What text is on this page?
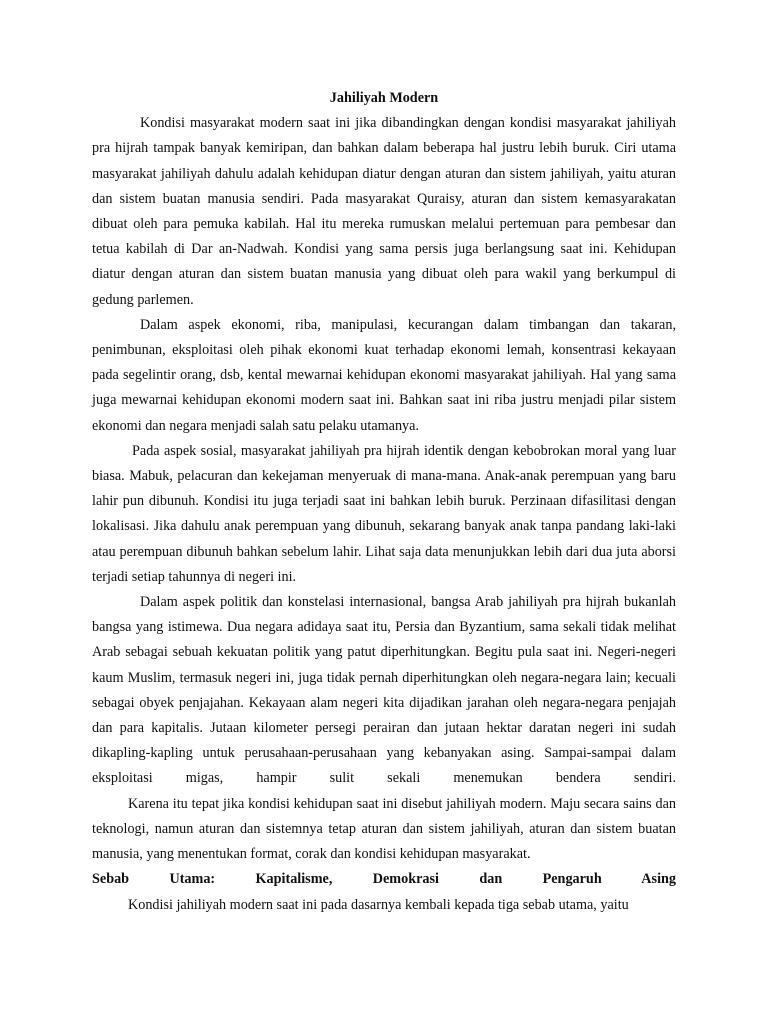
Jahiliyah Modern

Kondisi masyarakat modern saat ini jika dibandingkan dengan kondisi masyarakat jahiliyah pra hijrah tampak banyak kemiripan, dan bahkan dalam beberapa hal justru lebih buruk. Ciri utama masyarakat jahiliyah dahulu adalah kehidupan diatur dengan aturan dan sistem jahiliyah, yaitu aturan dan sistem buatan manusia sendiri. Pada masyarakat Quraisy, aturan dan sistem kemasyarakatan dibuat oleh para pemuka kabilah. Hal itu mereka rumuskan melalui pertemuan para pembesar dan tetua kabilah di Dar an-Nadwah. Kondisi yang sama persis juga berlangsung saat ini. Kehidupan diatur dengan aturan dan sistem buatan manusia yang dibuat oleh para wakil yang berkumpul di gedung parlemen.

Dalam aspek ekonomi, riba, manipulasi, kecurangan dalam timbangan dan takaran, penimbunan, eksploitasi oleh pihak ekonomi kuat terhadap ekonomi lemah, konsentrasi kekayaan pada segelintir orang, dsb, kental mewarnai kehidupan ekonomi masyarakat jahiliyah. Hal yang sama juga mewarnai kehidupan ekonomi modern saat ini. Bahkan saat ini riba justru menjadi pilar sistem ekonomi dan negara menjadi salah satu pelaku utamanya.

Pada aspek sosial, masyarakat jahiliyah pra hijrah identik dengan kebobrokan moral yang luar biasa. Mabuk, pelacuran dan kekejaman menyeruak di mana-mana. Anak-anak perempuan yang baru lahir pun dibunuh. Kondisi itu juga terjadi saat ini bahkan lebih buruk. Perzinaan difasilitasi dengan lokalisasi. Jika dahulu anak perempuan yang dibunuh, sekarang banyak anak tanpa pandang laki-laki atau perempuan dibunuh bahkan sebelum lahir. Lihat saja data menunjukkan lebih dari dua juta aborsi terjadi setiap tahunnya di negeri ini.

Dalam aspek politik dan konstelasi internasional, bangsa Arab jahiliyah pra hijrah bukanlah bangsa yang istimewa. Dua negara adidaya saat itu, Persia dan Byzantium, sama sekali tidak melihat Arab sebagai sebuah kekuatan politik yang patut diperhitungkan. Begitu pula saat ini. Negeri-negeri kaum Muslim, termasuk negeri ini, juga tidak pernah diperhitungkan oleh negara-negara lain; kecuali sebagai obyek penjajahan. Kekayaan alam negeri kita dijadikan jarahan oleh negara-negara penjajah dan para kapitalis. Jutaan kilometer persegi perairan dan jutaan hektar daratan negeri ini sudah dikapling-kapling untuk perusahaan-perusahaan yang kebanyakan asing. Sampai-sampai dalam eksploitasi migas, hampir sulit sekali menemukan bendera sendiri.

Karena itu tepat jika kondisi kehidupan saat ini disebut jahiliyah modern. Maju secara sains dan teknologi, namun aturan dan sistemnya tetap aturan dan sistem jahiliyah, aturan dan sistem buatan manusia, yang menentukan format, corak dan kondisi kehidupan masyarakat.

Sebab Utama: Kapitalisme, Demokrasi dan Pengaruh Asing

Kondisi jahiliyah modern saat ini pada dasarnya kembali kepada tiga sebab utama, yaitu
